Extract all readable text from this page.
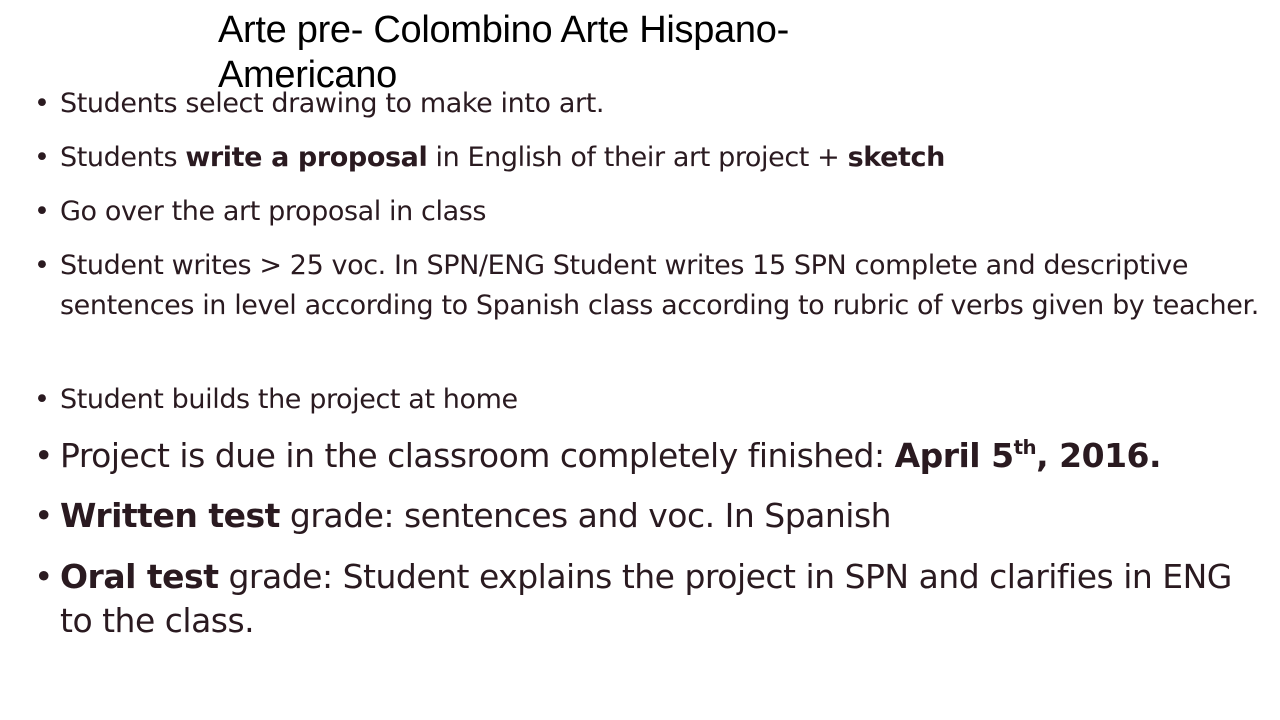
Arte pre- Colombino Arte Hispano-Americano
• Students select drawing to make into art.
• Students write a proposal in English of their art project + sketch
• Go over the art proposal in class
• Student writes > 25 voc. In SPN/ENG Student writes 15 SPN complete and descriptive sentences in level according to Spanish class according to rubric of verbs given by teacher.
• Student builds the project at home
• Project is due in the classroom completely finished: April 5th, 2016.
• Written test grade: sentences and voc. In Spanish
• Oral test grade: Student explains the project in SPN and clarifies in ENG to the class.
